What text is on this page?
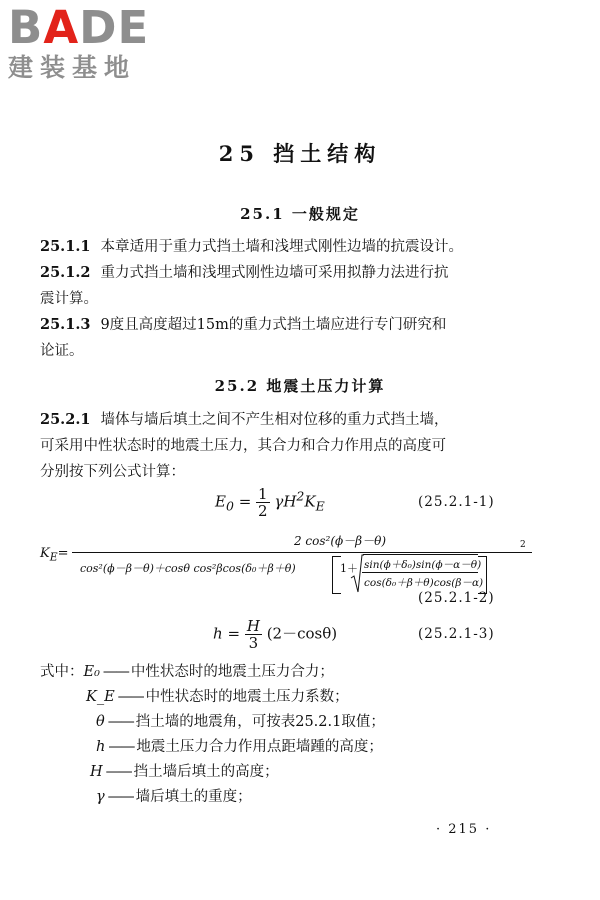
BADE
建装基地
25 挡土结构
25.1 一般规定
25.1.1 本章适用于重力式挡土墙和浅埋式刚性边墙的抗震设计。
25.1.2 重力式挡土墙和浅埋式刚性边墙可采用拟静力法进行抗
震计算。
25.1.3 9度且高度超过15m的重力式挡土墙应进行专门研究和
论证。
25.2 地震土压力计算
25.2.1 墙体与墙后填土之间不产生相对位移的重力式挡土墙，
可采用中性状态时的地震土压力，其合力和合力作用点的高度可
分别按下列公式计算：
$E_0 = \frac{1}{2} \gamma H^2K_E$	(25.2.1-1)
$K_E=$
2 cos²(ϕ－β－θ)
cos²(ϕ－β－θ)＋cosθ cos²βcos(δ₀＋β＋θ)	1＋ sin(ϕ＋δ₀)sin(ϕ－α－θ)
cos(δ₀＋β＋θ)cos(β－α)
2
(25.2.1-2)
$h = \frac{H}{3} (2-\cos\theta)$	(25.2.1-3)
式中：E₀ —— 中性状态时的地震土压力合力；
K_E —— 中性状态时的地震土压力系数；
θ —— 挡土墙的地震角，可按表25.2.1取值；
h —— 地震土压力合力作用点距墙踵的高度；
H —— 挡土墙后填土的高度；
γ —— 墙后填土的重度；
· 215 ·
